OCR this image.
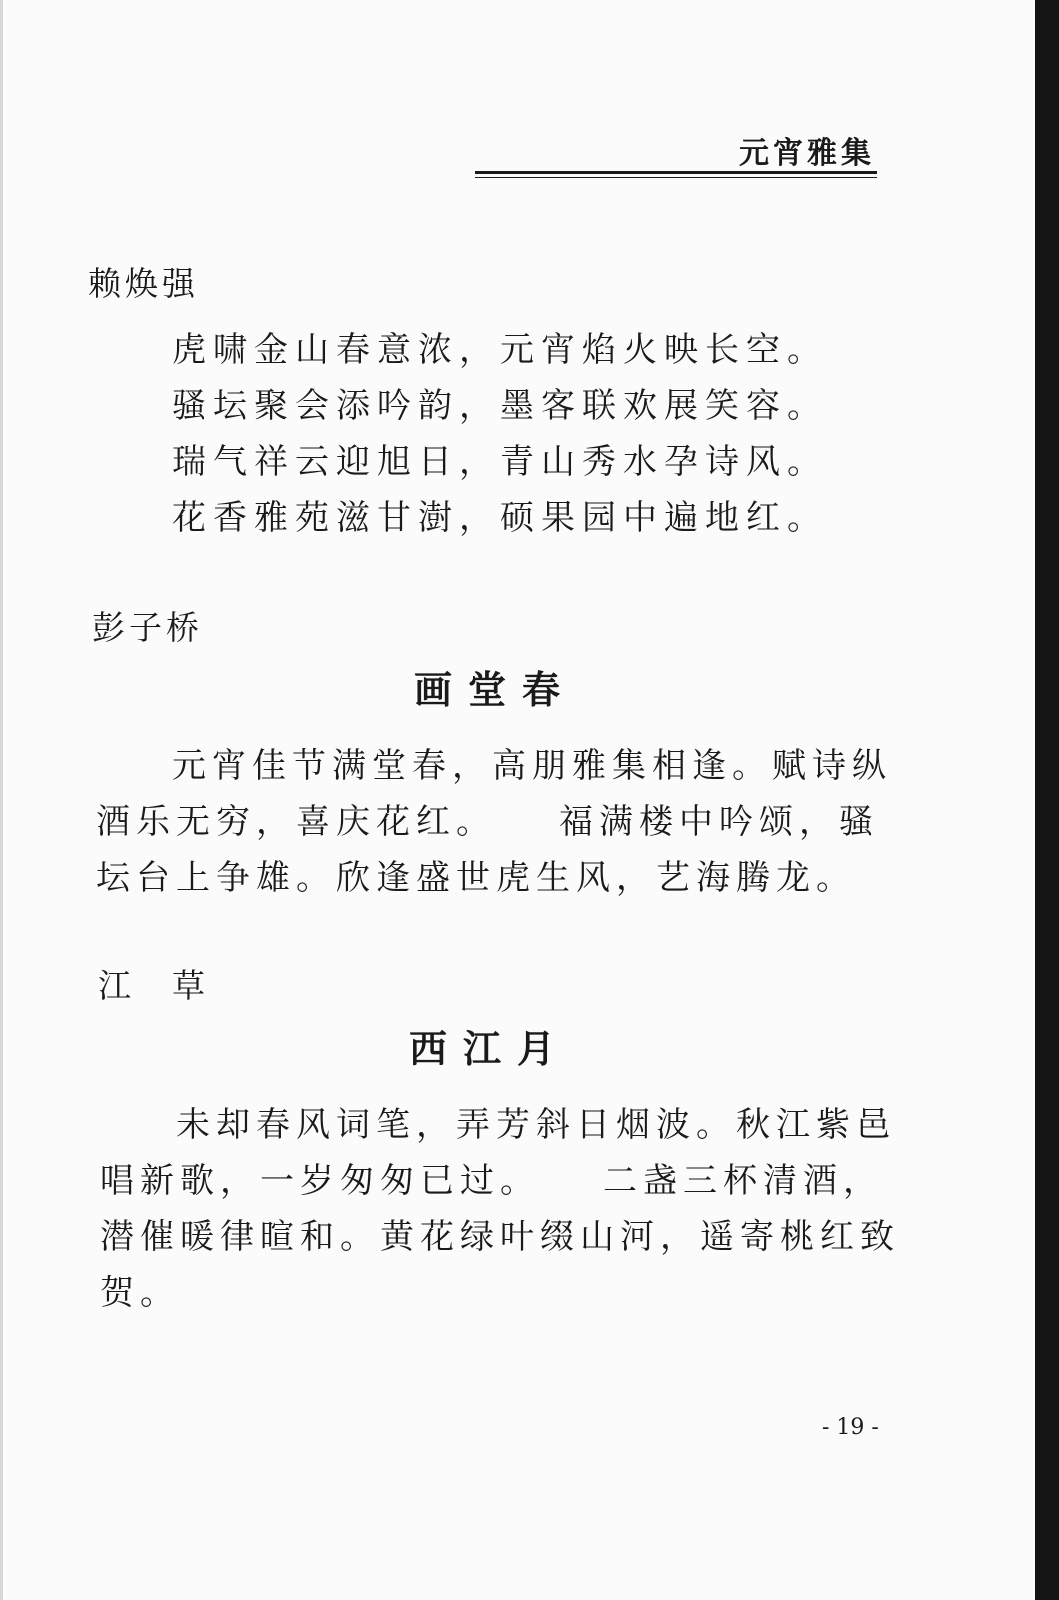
元宵雅集
赖焕强
虎啸金山春意浓，元宵焰火映长空。
骚坛聚会添吟韵，墨客联欢展笑容。
瑞气祥云迎旭日，青山秀水孕诗风。
花香雅苑滋甘澍，硕果园中遍地红。
彭子桥
画堂春
元宵佳节满堂春，高朋雅集相逢。赋诗纵
酒乐无穷，喜庆花红。　　福满楼中吟颂，骚
坛台上争雄。欣逢盛世虎生风，艺海腾龙。
江　草
西江月
未却春风词笔，弄芳斜日烟波。秋江紫邑
唱新歌，一岁匆匆已过。　　二盏三杯清酒，
潜催暖律暄和。黄花绿叶缀山河，遥寄桃红致
贺。
- 19 -
